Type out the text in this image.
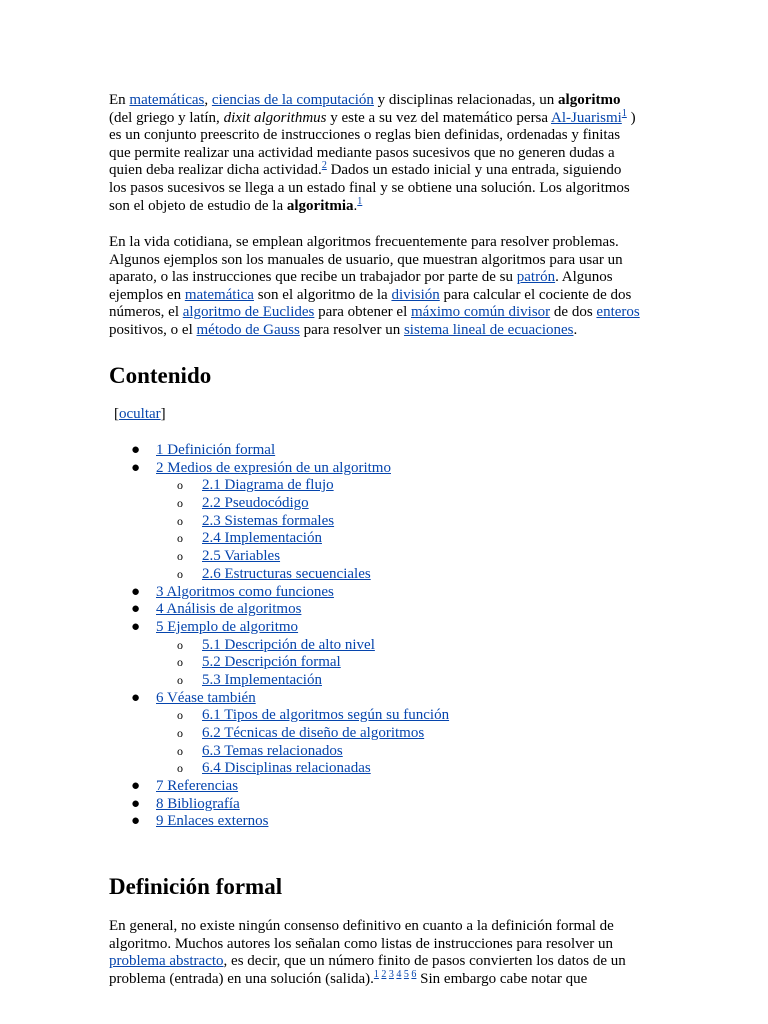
En matemáticas, ciencias de la computación y disciplinas relacionadas, un algoritmo
(del griego y latín, dixit algorithmus y este a su vez del matemático persa Al-Juarismi$^1$ )
es un conjunto preescrito de instrucciones o reglas bien definidas, ordenadas y finitas
que permite realizar una actividad mediante pasos sucesivos que no generen dudas a
quien deba realizar dicha actividad.$^2$ Dados un estado inicial y una entrada, siguiendo
los pasos sucesivos se llega a un estado final y se obtiene una solución. Los algoritmos
son el objeto de estudio de la algoritmia.$^1$

En la vida cotidiana, se emplean algoritmos frecuentemente para resolver problemas.
Algunos ejemplos son los manuales de usuario, que muestran algoritmos para usar un
aparato, o las instrucciones que recibe un trabajador por parte de su patrón. Algunos
ejemplos en matemática son el algoritmo de la división para calcular el cociente de dos
números, el algoritmo de Euclides para obtener el máximo común divisor de dos enteros
positivos, o el método de Gauss para resolver un sistema lineal de ecuaciones.

Contenido

[ocultar]

● 1 Definición formal
● 2 Medios de expresión de un algoritmo
o 2.1 Diagrama de flujo
o 2.2 Pseudocódigo
o 2.3 Sistemas formales
o 2.4 Implementación
o 2.5 Variables
o 2.6 Estructuras secuenciales
● 3 Algoritmos como funciones
● 4 Análisis de algoritmos
● 5 Ejemplo de algoritmo
o 5.1 Descripción de alto nivel
o 5.2 Descripción formal
o 5.3 Implementación
● 6 Véase también
o 6.1 Tipos de algoritmos según su función
o 6.2 Técnicas de diseño de algoritmos
o 6.3 Temas relacionados
o 6.4 Disciplinas relacionadas
● 7 Referencias
● 8 Bibliografía
● 9 Enlaces externos
Definición formal

En general, no existe ningún consenso definitivo en cuanto a la definición formal de
algoritmo. Muchos autores los señalan como listas de instrucciones para resolver un
problema abstracto, es decir, que un número finito de pasos convierten los datos de un
problema (entrada) en una solución (salida).$^{1 2 3 4 5 6}$ Sin embargo cabe notar que
